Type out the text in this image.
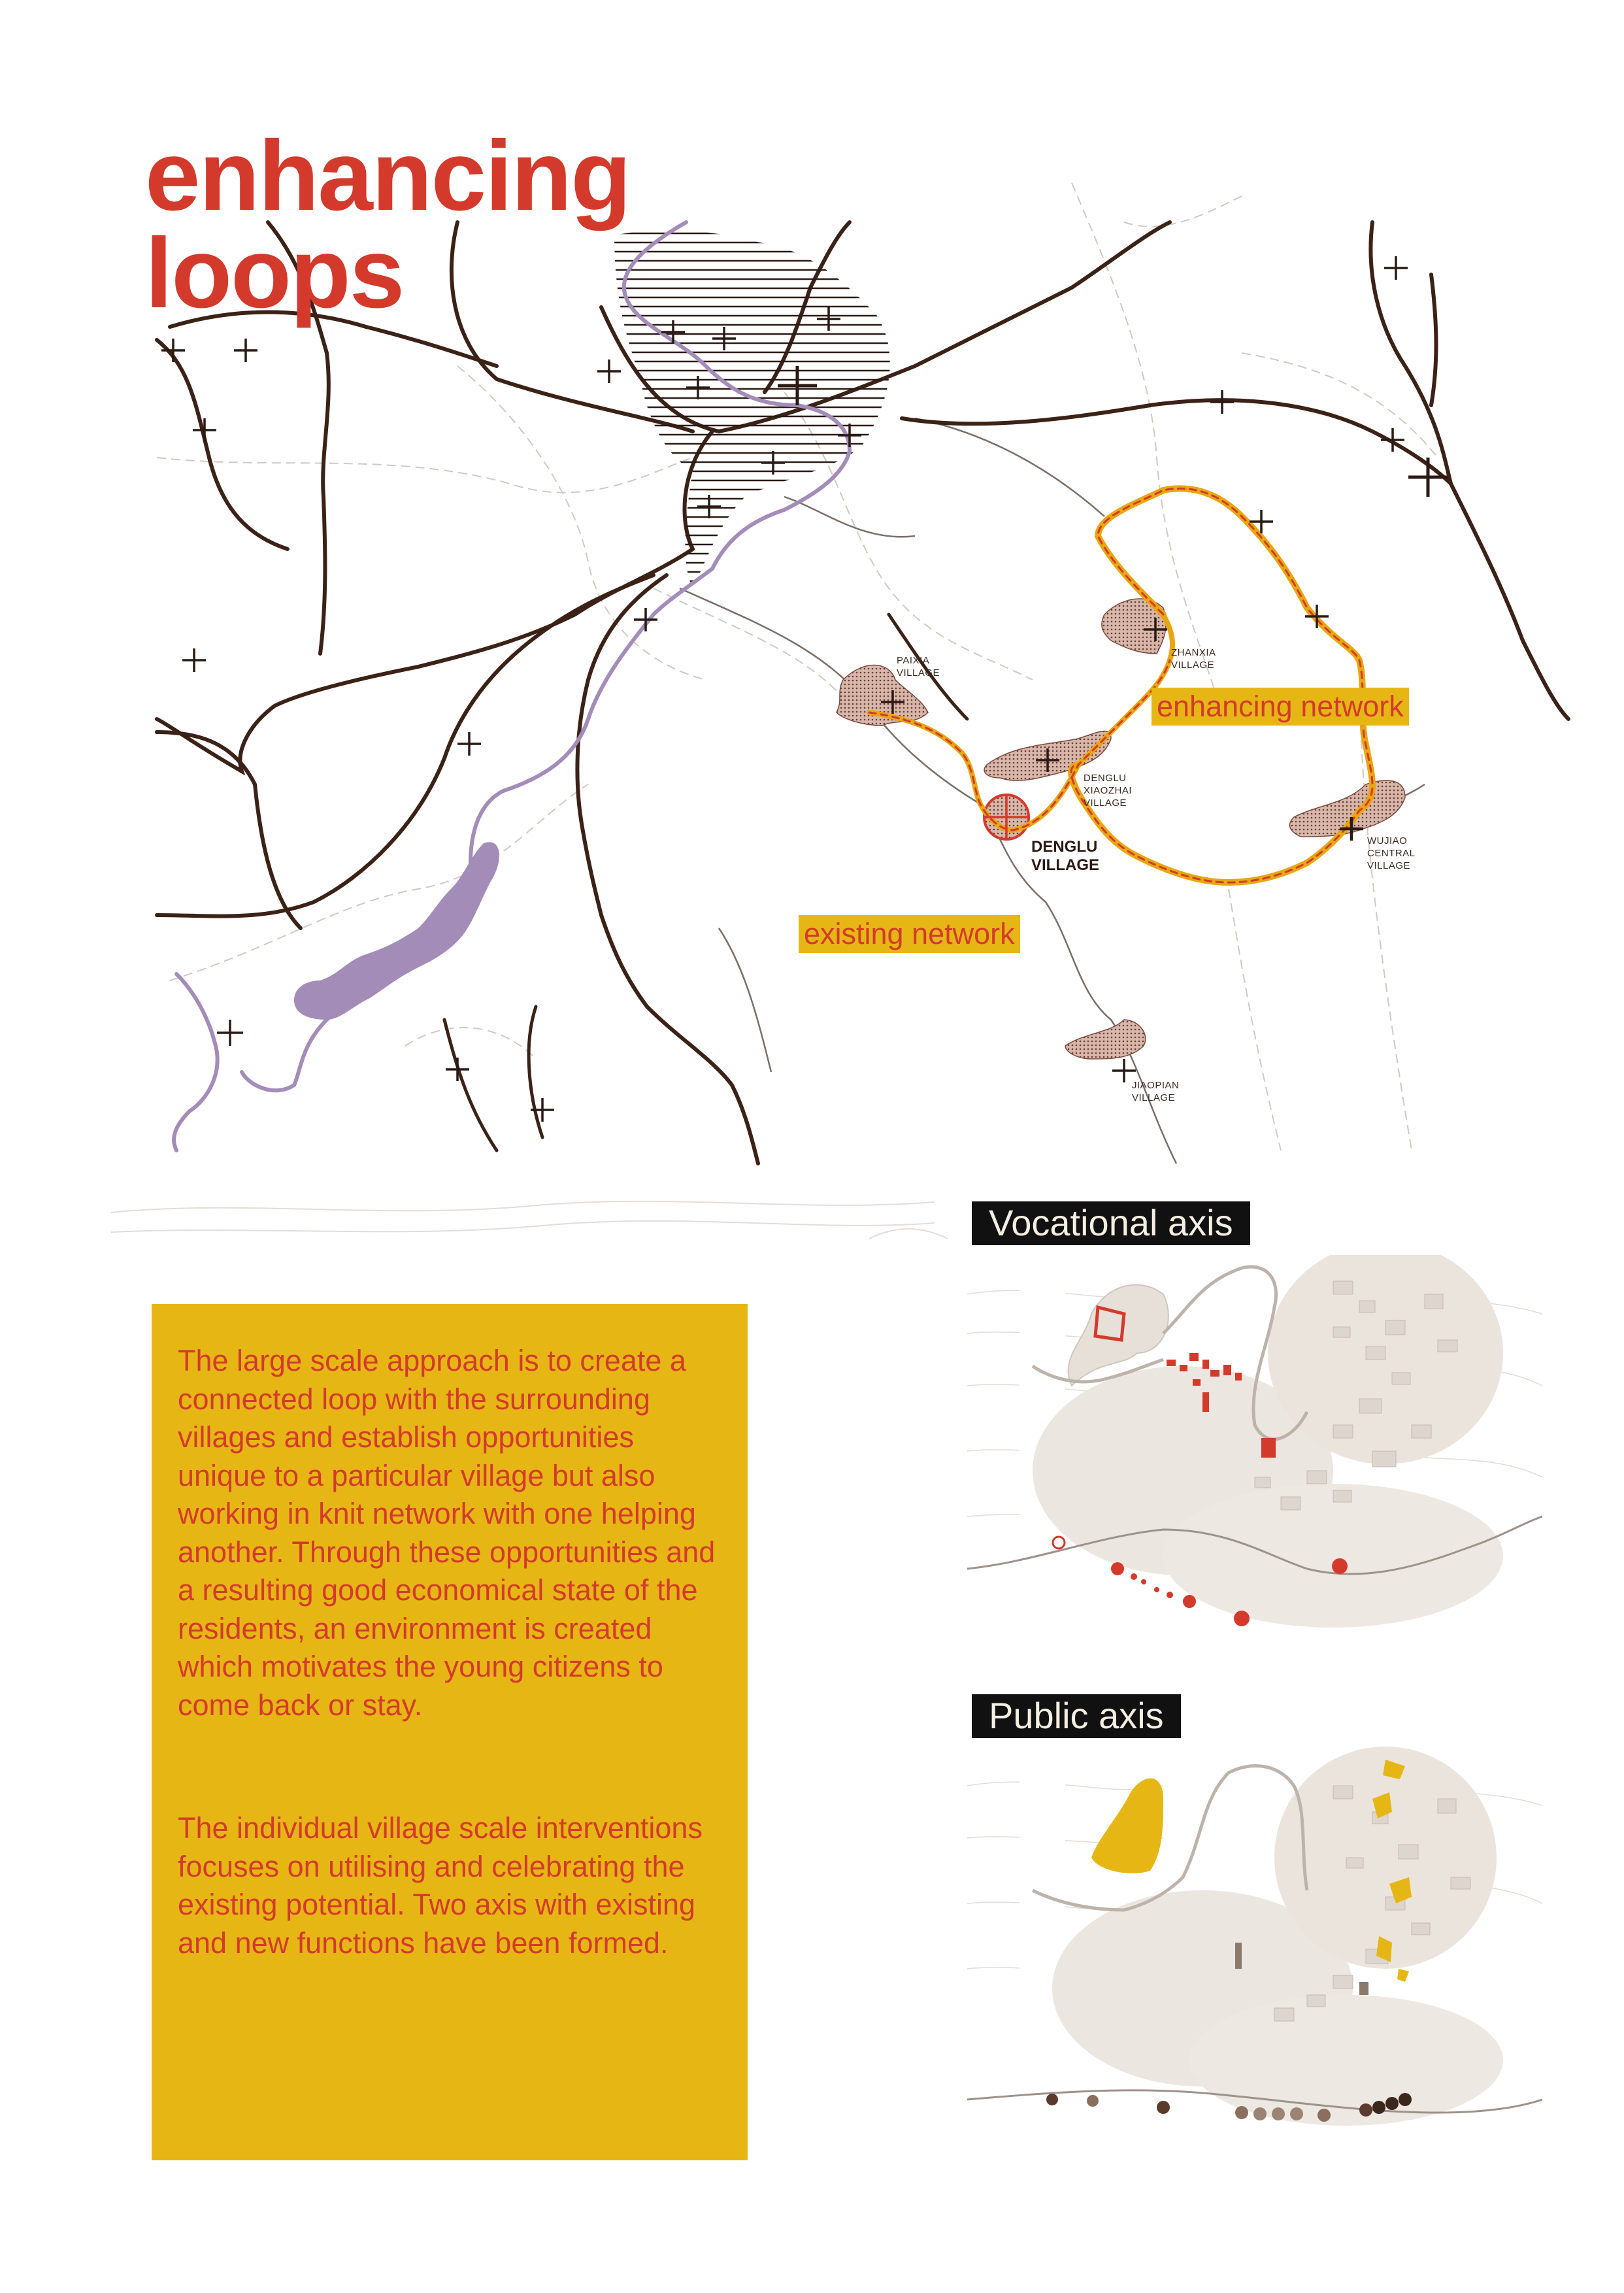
enhancing
loops
PAIXIA
VILLAGE
ZHANXIA
VILLAGE
DENGLU
XIAOZHAI
VILLAGE
DENGLU
VILLAGE
WUJIAO
CENTRAL
VILLAGE
JIAOPIAN
VILLAGE
enhancing network
existing network

The large scale approach is to create a connected loop with the surrounding villages and establish opportunities unique to a particular village but also working in knit network with one helping another. Through these opportunities and a resulting good economical state of the residents, an environment is created which motivates the young citizens to come back or stay.

The individual village scale interventions focuses on utilising and celebrating the existing potential. Two axis with existing and new functions have been formed.

Vocational axis
Public axis
